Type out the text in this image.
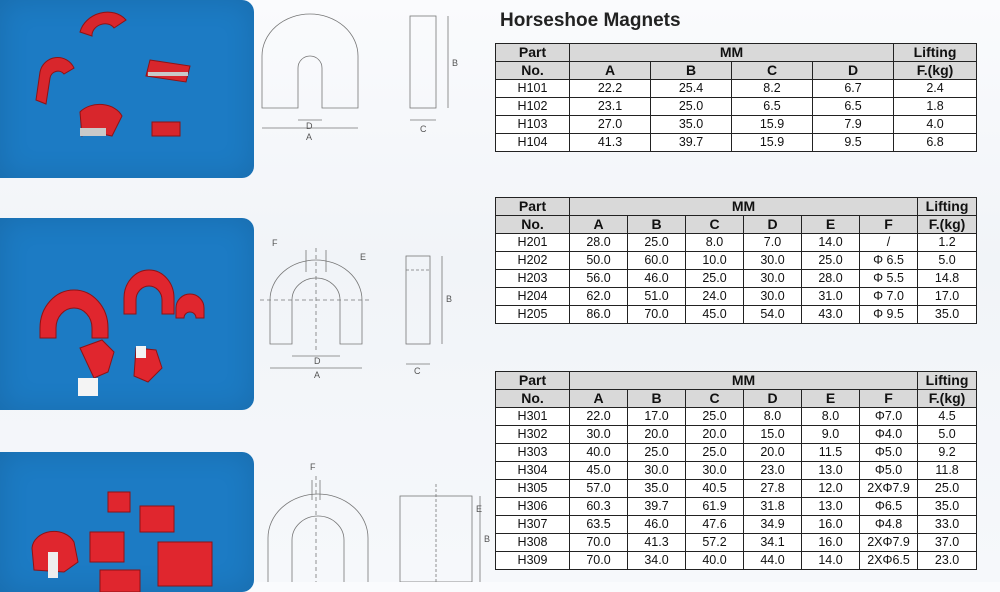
A
D
B
C
F
E
A
D
B
C
F
E
B
Horseshoe Magnets
Part	MM				Lifting
No.	A	B	C	D	F.(kg)
H101	22.2	25.4	8.2	6.7	2.4
H102	23.1	25.0	6.5	6.5	1.8
H103	27.0	35.0	15.9	7.9	4.0
H104	41.3	39.7	15.9	9.5	6.8
Part	MM						Lifting
No.	A	B	C	D	E	F	F.(kg)
H201	28.0	25.0	8.0	7.0	14.0	/	1.2
H202	50.0	60.0	10.0	30.0	25.0	Φ 6.5	5.0
H203	56.0	46.0	25.0	30.0	28.0	Φ 5.5	14.8
H204	62.0	51.0	24.0	30.0	31.0	Φ 7.0	17.0
H205	86.0	70.0	45.0	54.0	43.0	Φ 9.5	35.0
Part	MM						Lifting
No.	A	B	C	D	E	F	F.(kg)
H301	22.0	17.0	25.0	8.0	8.0	Φ7.0	4.5
H302	30.0	20.0	20.0	15.0	9.0	Φ4.0	5.0
H303	40.0	25.0	25.0	20.0	11.5	Φ5.0	9.2
H304	45.0	30.0	30.0	23.0	13.0	Φ5.0	11.8
H305	57.0	35.0	40.5	27.8	12.0	2XΦ7.9	25.0
H306	60.3	39.7	61.9	31.8	13.0	Φ6.5	35.0
H307	63.5	46.0	47.6	34.9	16.0	Φ4.8	33.0
H308	70.0	41.3	57.2	34.1	16.0	2XΦ7.9	37.0
H309	70.0	34.0	40.0	44.0	14.0	2XΦ6.5	23.0
